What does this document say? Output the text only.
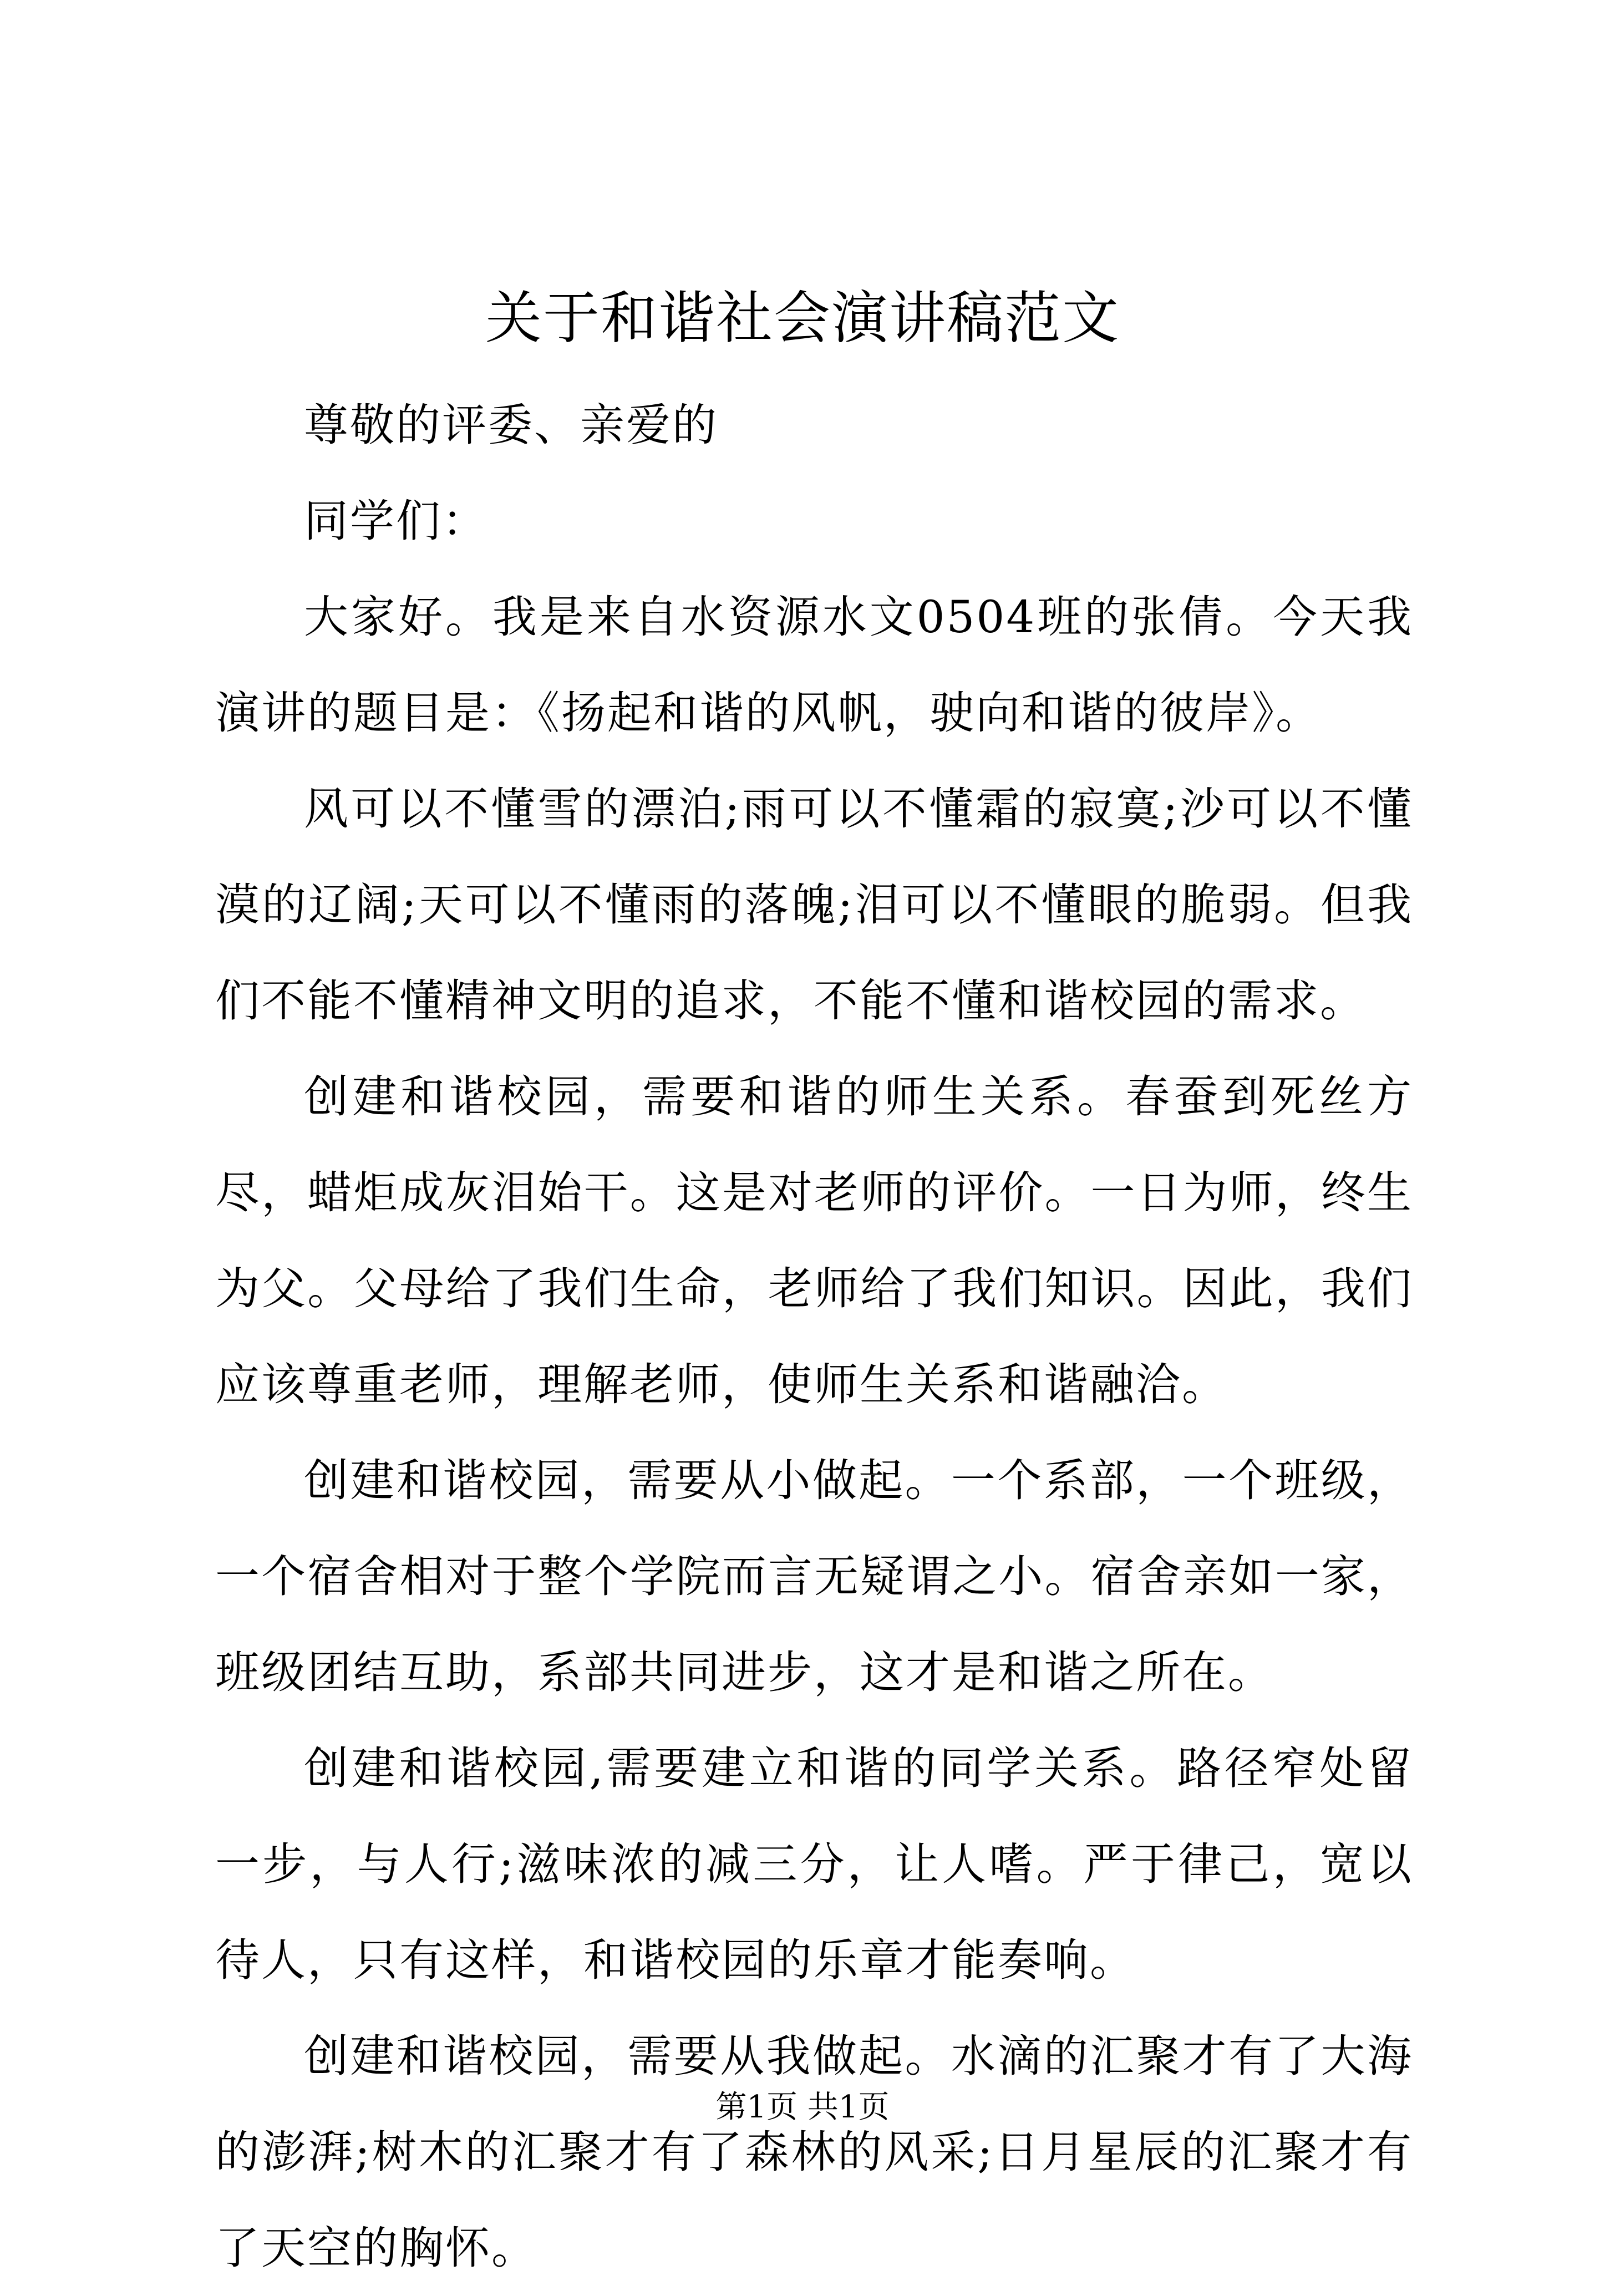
关于和谐社会演讲稿范文

尊敬的评委、亲爱的

同学们：

大家好。我是来自水资源水文0504班的张倩。今天我演讲的题目是：《扬起和谐的风帆，驶向和谐的彼岸》。

风可以不懂雪的漂泊;雨可以不懂霜的寂寞;沙可以不懂漠的辽阔;天可以不懂雨的落魄;泪可以不懂眼的脆弱。但我们不能不懂精神文明的追求，不能不懂和谐校园的需求。

创建和谐校园，需要和谐的师生关系。春蚕到死丝方尽，蜡炬成灰泪始干。这是对老师的评价。一日为师，终生为父。父母给了我们生命，老师给了我们知识。因此，我们应该尊重老师，理解老师，使师生关系和谐融洽。

创建和谐校园，需要从小做起。一个系部，一个班级，一个宿舍相对于整个学院而言无疑谓之小。宿舍亲如一家，班级团结互助，系部共同进步，这才是和谐之所在。

创建和谐校园,需要建立和谐的同学关系。路径窄处留一步，与人行;滋味浓的减三分，让人嗜。严于律己，宽以待人，只有这样，和谐校园的乐章才能奏响。

创建和谐校园，需要从我做起。水滴的汇聚才有了大海的澎湃;树木的汇聚才有了森林的风采;日月星辰的汇聚才有了天空的胸怀。

第1页 共1页
